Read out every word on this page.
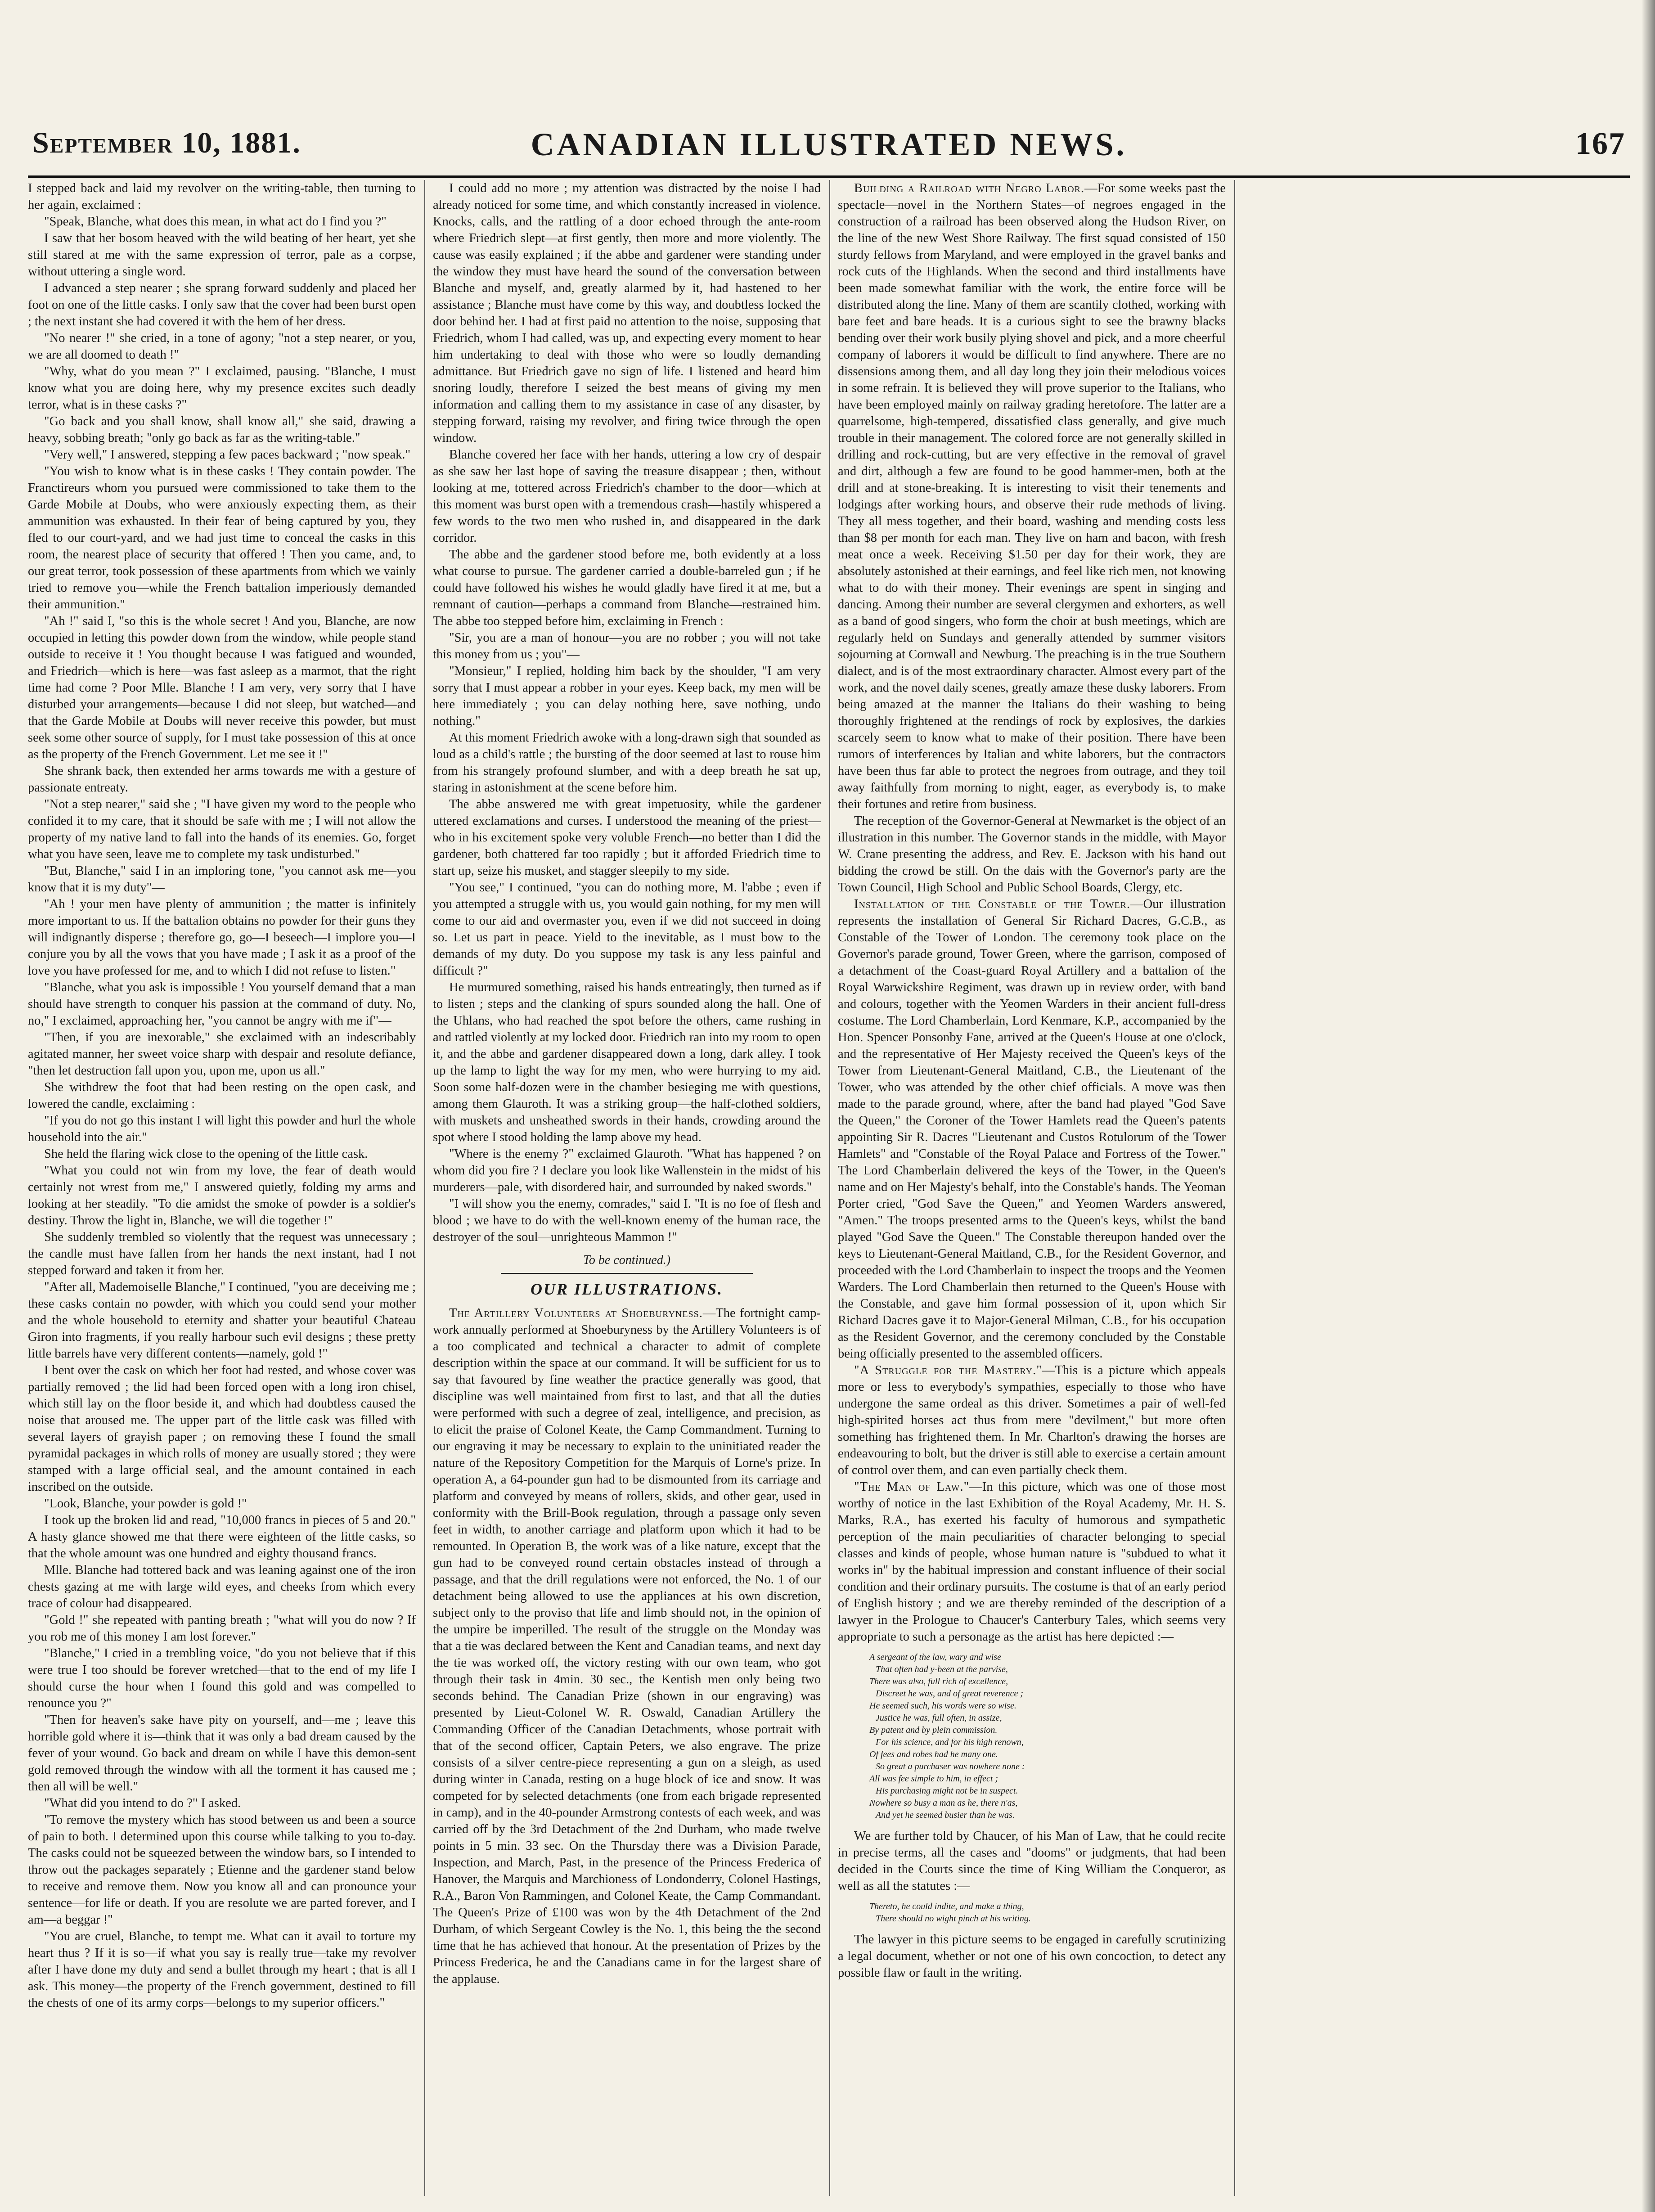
September 10, 1881.	CANADIAN ILLUSTRATED NEWS.	167

I stepped back and laid my revolver on the writing-table, then turning to her again, exclaimed :

"Speak, Blanche, what does this mean, in what act do I find you ?"

I saw that her bosom heaved with the wild beating of her heart, yet she still stared at me with the same expression of terror, pale as a corpse, without uttering a single word.

I advanced a step nearer ; she sprang forward suddenly and placed her foot on one of the little casks. I only saw that the cover had been burst open ; the next instant she had covered it with the hem of her dress.

"No nearer !" she cried, in a tone of agony; "not a step nearer, or you, we are all doomed to death !"

"Why, what do you mean ?" I exclaimed, pausing. "Blanche, I must know what you are doing here, why my presence excites such deadly terror, what is in these casks ?"

"Go back and you shall know, shall know all," she said, drawing a heavy, sobbing breath; "only go back as far as the writing-table."

"Very well," I answered, stepping a few paces backward ; "now speak."

"You wish to know what is in these casks ! They contain powder. The Franctireurs whom you pursued were commissioned to take them to the Garde Mobile at Doubs, who were anxiously expecting them, as their ammunition was exhausted. In their fear of being captured by you, they fled to our court-yard, and we had just time to conceal the casks in this room, the nearest place of security that offered ! Then you came, and, to our great terror, took possession of these apartments from which we vainly tried to remove you—while the French battalion imperiously demanded their ammunition."

"Ah !" said I, "so this is the whole secret ! And you, Blanche, are now occupied in letting this powder down from the window, while people stand outside to receive it ! You thought because I was fatigued and wounded, and Friedrich—which is here—was fast asleep as a marmot, that the right time had come ? Poor Mlle. Blanche ! I am very, very sorry that I have disturbed your arrangements—because I did not sleep, but watched—and that the Garde Mobile at Doubs will never receive this powder, but must seek some other source of supply, for I must take possession of this at once as the property of the French Government. Let me see it !"

She shrank back, then extended her arms towards me with a gesture of passionate entreaty.

"Not a step nearer," said she ; "I have given my word to the people who confided it to my care, that it should be safe with me ; I will not allow the property of my native land to fall into the hands of its enemies. Go, forget what you have seen, leave me to complete my task undisturbed."

"But, Blanche," said I in an imploring tone, "you cannot ask me—you know that it is my duty"—

"Ah ! your men have plenty of ammunition ; the matter is infinitely more important to us. If the battalion obtains no powder for their guns they will indignantly disperse ; therefore go, go—I beseech—I implore you—I conjure you by all the vows that you have made ; I ask it as a proof of the love you have professed for me, and to which I did not refuse to listen."

"Blanche, what you ask is impossible ! You yourself demand that a man should have strength to conquer his passion at the command of duty. No, no," I exclaimed, approaching her, "you cannot be angry with me if"—

"Then, if you are inexorable," she exclaimed with an indescribably agitated manner, her sweet voice sharp with despair and resolute defiance, "then let destruction fall upon you, upon me, upon us all."

She withdrew the foot that had been resting on the open cask, and lowered the candle, exclaiming :

"If you do not go this instant I will light this powder and hurl the whole household into the air."

She held the flaring wick close to the opening of the little cask.

"What you could not win from my love, the fear of death would certainly not wrest from me," I answered quietly, folding my arms and looking at her steadily. "To die amidst the smoke of powder is a soldier's destiny. Throw the light in, Blanche, we will die together !"

She suddenly trembled so violently that the request was unnecessary ; the candle must have fallen from her hands the next instant, had I not stepped forward and taken it from her.

"After all, Mademoiselle Blanche," I continued, "you are deceiving me ; these casks contain no powder, with which you could send your mother and the whole household to eternity and shatter your beautiful Chateau Giron into fragments, if you really harbour such evil designs ; these pretty little barrels have very different contents—namely, gold !"

I bent over the cask on which her foot had rested, and whose cover was partially removed ; the lid had been forced open with a long iron chisel, which still lay on the floor beside it, and which had doubtless caused the noise that aroused me. The upper part of the little cask was filled with several layers of grayish paper ; on removing these I found the small pyramidal packages in which rolls of money are usually stored ; they were stamped with a large official seal, and the amount contained in each inscribed on the outside.

"Look, Blanche, your powder is gold !"

I took up the broken lid and read, "10,000 francs in pieces of 5 and 20." A hasty glance showed me that there were eighteen of the little casks, so that the whole amount was one hundred and eighty thousand francs.

Mlle. Blanche had tottered back and was leaning against one of the iron chests gazing at me with large wild eyes, and cheeks from which every trace of colour had disappeared.

"Gold !" she repeated with panting breath ; "what will you do now ? If you rob me of this money I am lost forever."

"Blanche," I cried in a trembling voice, "do you not believe that if this were true I too should be forever wretched—that to the end of my life I should curse the hour when I found this gold and was compelled to renounce you ?"

"Then for heaven's sake have pity on yourself, and—me ; leave this horrible gold where it is—think that it was only a bad dream caused by the fever of your wound. Go back and dream on while I have this demon-sent gold removed through the window with all the torment it has caused me ; then all will be well."

"What did you intend to do ?" I asked.

"To remove the mystery which has stood between us and been a source of pain to both. I determined upon this course while talking to you to-day. The casks could not be squeezed between the window bars, so I intended to throw out the packages separately ; Etienne and the gardener stand below to receive and remove them. Now you know all and can pronounce your sentence—for life or death. If you are resolute we are parted forever, and I am—a beggar !"

"You are cruel, Blanche, to tempt me. What can it avail to torture my heart thus ? If it is so—if what you say is really true—take my revolver after I have done my duty and send a bullet through my heart ; that is all I ask. This money—the property of the French government, destined to fill the chests of one of its army corps—belongs to my superior officers."

I could add no more ; my attention was distracted by the noise I had already noticed for some time, and which constantly increased in violence. Knocks, calls, and the rattling of a door echoed through the ante-room where Friedrich slept—at first gently, then more and more violently. The cause was easily explained ; if the abbe and gardener were standing under the window they must have heard the sound of the conversation between Blanche and myself, and, greatly alarmed by it, had hastened to her assistance ; Blanche must have come by this way, and doubtless locked the door behind her. I had at first paid no attention to the noise, supposing that Friedrich, whom I had called, was up, and expecting every moment to hear him undertaking to deal with those who were so loudly demanding admittance. But Friedrich gave no sign of life. I listened and heard him snoring loudly, therefore I seized the best means of giving my men information and calling them to my assistance in case of any disaster, by stepping forward, raising my revolver, and firing twice through the open window.

Blanche covered her face with her hands, uttering a low cry of despair as she saw her last hope of saving the treasure disappear ; then, without looking at me, tottered across Friedrich's chamber to the door—which at this moment was burst open with a tremendous crash—hastily whispered a few words to the two men who rushed in, and disappeared in the dark corridor.

The abbe and the gardener stood before me, both evidently at a loss what course to pursue. The gardener carried a double-barreled gun ; if he could have followed his wishes he would gladly have fired it at me, but a remnant of caution—perhaps a command from Blanche—restrained him. The abbe too stepped before him, exclaiming in French :

"Sir, you are a man of honour—you are no robber ; you will not take this money from us ; you"—

"Monsieur," I replied, holding him back by the shoulder, "I am very sorry that I must appear a robber in your eyes. Keep back, my men will be here immediately ; you can delay nothing here, save nothing, undo nothing."

At this moment Friedrich awoke with a long-drawn sigh that sounded as loud as a child's rattle ; the bursting of the door seemed at last to rouse him from his strangely profound slumber, and with a deep breath he sat up, staring in astonishment at the scene before him.

The abbe answered me with great impetuosity, while the gardener uttered exclamations and curses. I understood the meaning of the priest—who in his excitement spoke very voluble French—no better than I did the gardener, both chattered far too rapidly ; but it afforded Friedrich time to start up, seize his musket, and stagger sleepily to my side.

"You see," I continued, "you can do nothing more, M. l'abbe ; even if you attempted a struggle with us, you would gain nothing, for my men will come to our aid and overmaster you, even if we did not succeed in doing so. Let us part in peace. Yield to the inevitable, as I must bow to the demands of my duty. Do you suppose my task is any less painful and difficult ?"

He murmured something, raised his hands entreatingly, then turned as if to listen ; steps and the clanking of spurs sounded along the hall. One of the Uhlans, who had reached the spot before the others, came rushing in and rattled violently at my locked door. Friedrich ran into my room to open it, and the abbe and gardener disappeared down a long, dark alley. I took up the lamp to light the way for my men, who were hurrying to my aid. Soon some half-dozen were in the chamber besieging me with questions, among them Glauroth. It was a striking group—the half-clothed soldiers, with muskets and unsheathed swords in their hands, crowding around the spot where I stood holding the lamp above my head.

"Where is the enemy ?" exclaimed Glauroth. "What has happened ? on whom did you fire ? I declare you look like Wallenstein in the midst of his murderers—pale, with disordered hair, and surrounded by naked swords."

"I will show you the enemy, comrades," said I. "It is no foe of flesh and blood ; we have to do with the well-known enemy of the human race, the destroyer of the soul—unrighteous Mammon !"

To be continued.)
OUR ILLUSTRATIONS.

The Artillery Volunteers at Shoeburyness.—The fortnight camp-work annually performed at Shoeburyness by the Artillery Volunteers is of a too complicated and technical a character to admit of complete description within the space at our command. It will be sufficient for us to say that favoured by fine weather the practice generally was good, that discipline was well maintained from first to last, and that all the duties were performed with such a degree of zeal, intelligence, and precision, as to elicit the praise of Colonel Keate, the Camp Commandment. Turning to our engraving it may be necessary to explain to the uninitiated reader the nature of the Repository Competition for the Marquis of Lorne's prize. In operation A, a 64-pounder gun had to be dismounted from its carriage and platform and conveyed by means of rollers, skids, and other gear, used in conformity with the Brill-Book regulation, through a passage only seven feet in width, to another carriage and platform upon which it had to be remounted. In Operation B, the work was of a like nature, except that the gun had to be conveyed round certain obstacles instead of through a passage, and that the drill regulations were not enforced, the No. 1 of our detachment being allowed to use the appliances at his own discretion, subject only to the proviso that life and limb should not, in the opinion of the umpire be imperilled. The result of the struggle on the Monday was that a tie was declared between the Kent and Canadian teams, and next day the tie was worked off, the victory resting with our own team, who got through their task in 4min. 30 sec., the Kentish men only being two seconds behind. The Canadian Prize (shown in our engraving) was presented by Lieut-Colonel W. R. Oswald, Canadian Artillery the Commanding Officer of the Canadian Detachments, whose portrait with that of the second officer, Captain Peters, we also engrave. The prize consists of a silver centre-piece representing a gun on a sleigh, as used during winter in Canada, resting on a huge block of ice and snow. It was competed for by selected detachments (one from each brigade represented in camp), and in the 40-pounder Armstrong contests of each week, and was carried off by the 3rd Detachment of the 2nd Durham, who made twelve points in 5 min. 33 sec. On the Thursday there was a Division Parade, Inspection, and March, Past, in the presence of the Princess Frederica of Hanover, the Marquis and Marchioness of Londonderry, Colonel Hastings, R.A., Baron Von Rammingen, and Colonel Keate, the Camp Commandant. The Queen's Prize of £100 was won by the 4th Detachment of the 2nd Durham, of which Sergeant Cowley is the No. 1, this being the the second time that he has achieved that honour. At the presentation of Prizes by the Princess Frederica, he and the Canadians came in for the largest share of the applause.

Building a Railroad with Negro Labor.—For some weeks past the spectacle—novel in the Northern States—of negroes engaged in the construction of a railroad has been observed along the Hudson River, on the line of the new West Shore Railway. The first squad consisted of 150 sturdy fellows from Maryland, and were employed in the gravel banks and rock cuts of the Highlands. When the second and third installments have been made somewhat familiar with the work, the entire force will be distributed along the line. Many of them are scantily clothed, working with bare feet and bare heads. It is a curious sight to see the brawny blacks bending over their work busily plying shovel and pick, and a more cheerful company of laborers it would be difficult to find anywhere. There are no dissensions among them, and all day long they join their melodious voices in some refrain. It is believed they will prove superior to the Italians, who have been employed mainly on railway grading heretofore. The latter are a quarrelsome, high-tempered, dissatisfied class generally, and give much trouble in their management. The colored force are not generally skilled in drilling and rock-cutting, but are very effective in the removal of gravel and dirt, although a few are found to be good hammer-men, both at the drill and at stone-breaking. It is interesting to visit their tenements and lodgings after working hours, and observe their rude methods of living. They all mess together, and their board, washing and mending costs less than $8 per month for each man. They live on ham and bacon, with fresh meat once a week. Receiving $1.50 per day for their work, they are absolutely astonished at their earnings, and feel like rich men, not knowing what to do with their money. Their evenings are spent in singing and dancing. Among their number are several clergymen and exhorters, as well as a band of good singers, who form the choir at bush meetings, which are regularly held on Sundays and generally attended by summer visitors sojourning at Cornwall and Newburg. The preaching is in the true Southern dialect, and is of the most extraordinary character. Almost every part of the work, and the novel daily scenes, greatly amaze these dusky laborers. From being amazed at the manner the Italians do their washing to being thoroughly frightened at the rendings of rock by explosives, the darkies scarcely seem to know what to make of their position. There have been rumors of interferences by Italian and white laborers, but the contractors have been thus far able to protect the negroes from outrage, and they toil away faithfully from morning to night, eager, as everybody is, to make their fortunes and retire from business.

The reception of the Governor-General at Newmarket is the object of an illustration in this number. The Governor stands in the middle, with Mayor W. Crane presenting the address, and Rev. E. Jackson with his hand out bidding the crowd be still. On the dais with the Governor's party are the Town Council, High School and Public School Boards, Clergy, etc.

Installation of the Constable of the Tower.—Our illustration represents the installation of General Sir Richard Dacres, G.C.B., as Constable of the Tower of London. The ceremony took place on the Governor's parade ground, Tower Green, where the garrison, composed of a detachment of the Coast-guard Royal Artillery and a battalion of the Royal Warwickshire Regiment, was drawn up in review order, with band and colours, together with the Yeomen Warders in their ancient full-dress costume. The Lord Chamberlain, Lord Kenmare, K.P., accompanied by the Hon. Spencer Ponsonby Fane, arrived at the Queen's House at one o'clock, and the representative of Her Majesty received the Queen's keys of the Tower from Lieutenant-General Maitland, C.B., the Lieutenant of the Tower, who was attended by the other chief officials. A move was then made to the parade ground, where, after the band had played "God Save the Queen," the Coroner of the Tower Hamlets read the Queen's patents appointing Sir R. Dacres "Lieutenant and Custos Rotulorum of the Tower Hamlets" and "Constable of the Royal Palace and Fortress of the Tower." The Lord Chamberlain delivered the keys of the Tower, in the Queen's name and on Her Majesty's behalf, into the Constable's hands. The Yeoman Porter cried, "God Save the Queen," and Yeomen Warders answered, "Amen." The troops presented arms to the Queen's keys, whilst the band played "God Save the Queen." The Constable thereupon handed over the keys to Lieutenant-General Maitland, C.B., for the Resident Governor, and proceeded with the Lord Chamberlain to inspect the troops and the Yeomen Warders. The Lord Chamberlain then returned to the Queen's House with the Constable, and gave him formal possession of it, upon which Sir Richard Dacres gave it to Major-General Milman, C.B., for his occupation as the Resident Governor, and the ceremony concluded by the Constable being officially presented to the assembled officers.

"A Struggle for the Mastery."—This is a picture which appeals more or less to everybody's sympathies, especially to those who have undergone the same ordeal as this driver. Sometimes a pair of well-fed high-spirited horses act thus from mere "devilment," but more often something has frightened them. In Mr. Charlton's drawing the horses are endeavouring to bolt, but the driver is still able to exercise a certain amount of control over them, and can even partially check them.

"The Man of Law."—In this picture, which was one of those most worthy of notice in the last Exhibition of the Royal Academy, Mr. H. S. Marks, R.A., has exerted his faculty of humorous and sympathetic perception of the main peculiarities of character belonging to special classes and kinds of people, whose human nature is "subdued to what it works in" by the habitual impression and constant influence of their social condition and their ordinary pursuits. The costume is that of an early period of English history ; and we are thereby reminded of the description of a lawyer in the Prologue to Chaucer's Canterbury Tales, which seems very appropriate to such a personage as the artist has here depicted :—

A sergeant of the law, wary and wise
That often had y-been at the parvise,
There was also, full rich of excellence,
Discreet he was, and of great reverence ;
He seemed such, his words were so wise.
Justice he was, full often, in assize,
By patent and by plein commission.
For his science, and for his high renown,
Of fees and robes had he many one.
So great a purchaser was nowhere none :
All was fee simple to him, in effect ;
His purchasing might not be in suspect.
Nowhere so busy a man as he, there n'as,
And yet he seemed busier than he was.

We are further told by Chaucer, of his Man of Law, that he could recite in precise terms, all the cases and "dooms" or judgments, that had been decided in the Courts since the time of King William the Conqueror, as well as all the statutes :—

Thereto, he could indite, and make a thing,
There should no wight pinch at his writing.

The lawyer in this picture seems to be engaged in carefully scrutinizing a legal document, whether or not one of his own concoction, to detect any possible flaw or fault in the writing.
